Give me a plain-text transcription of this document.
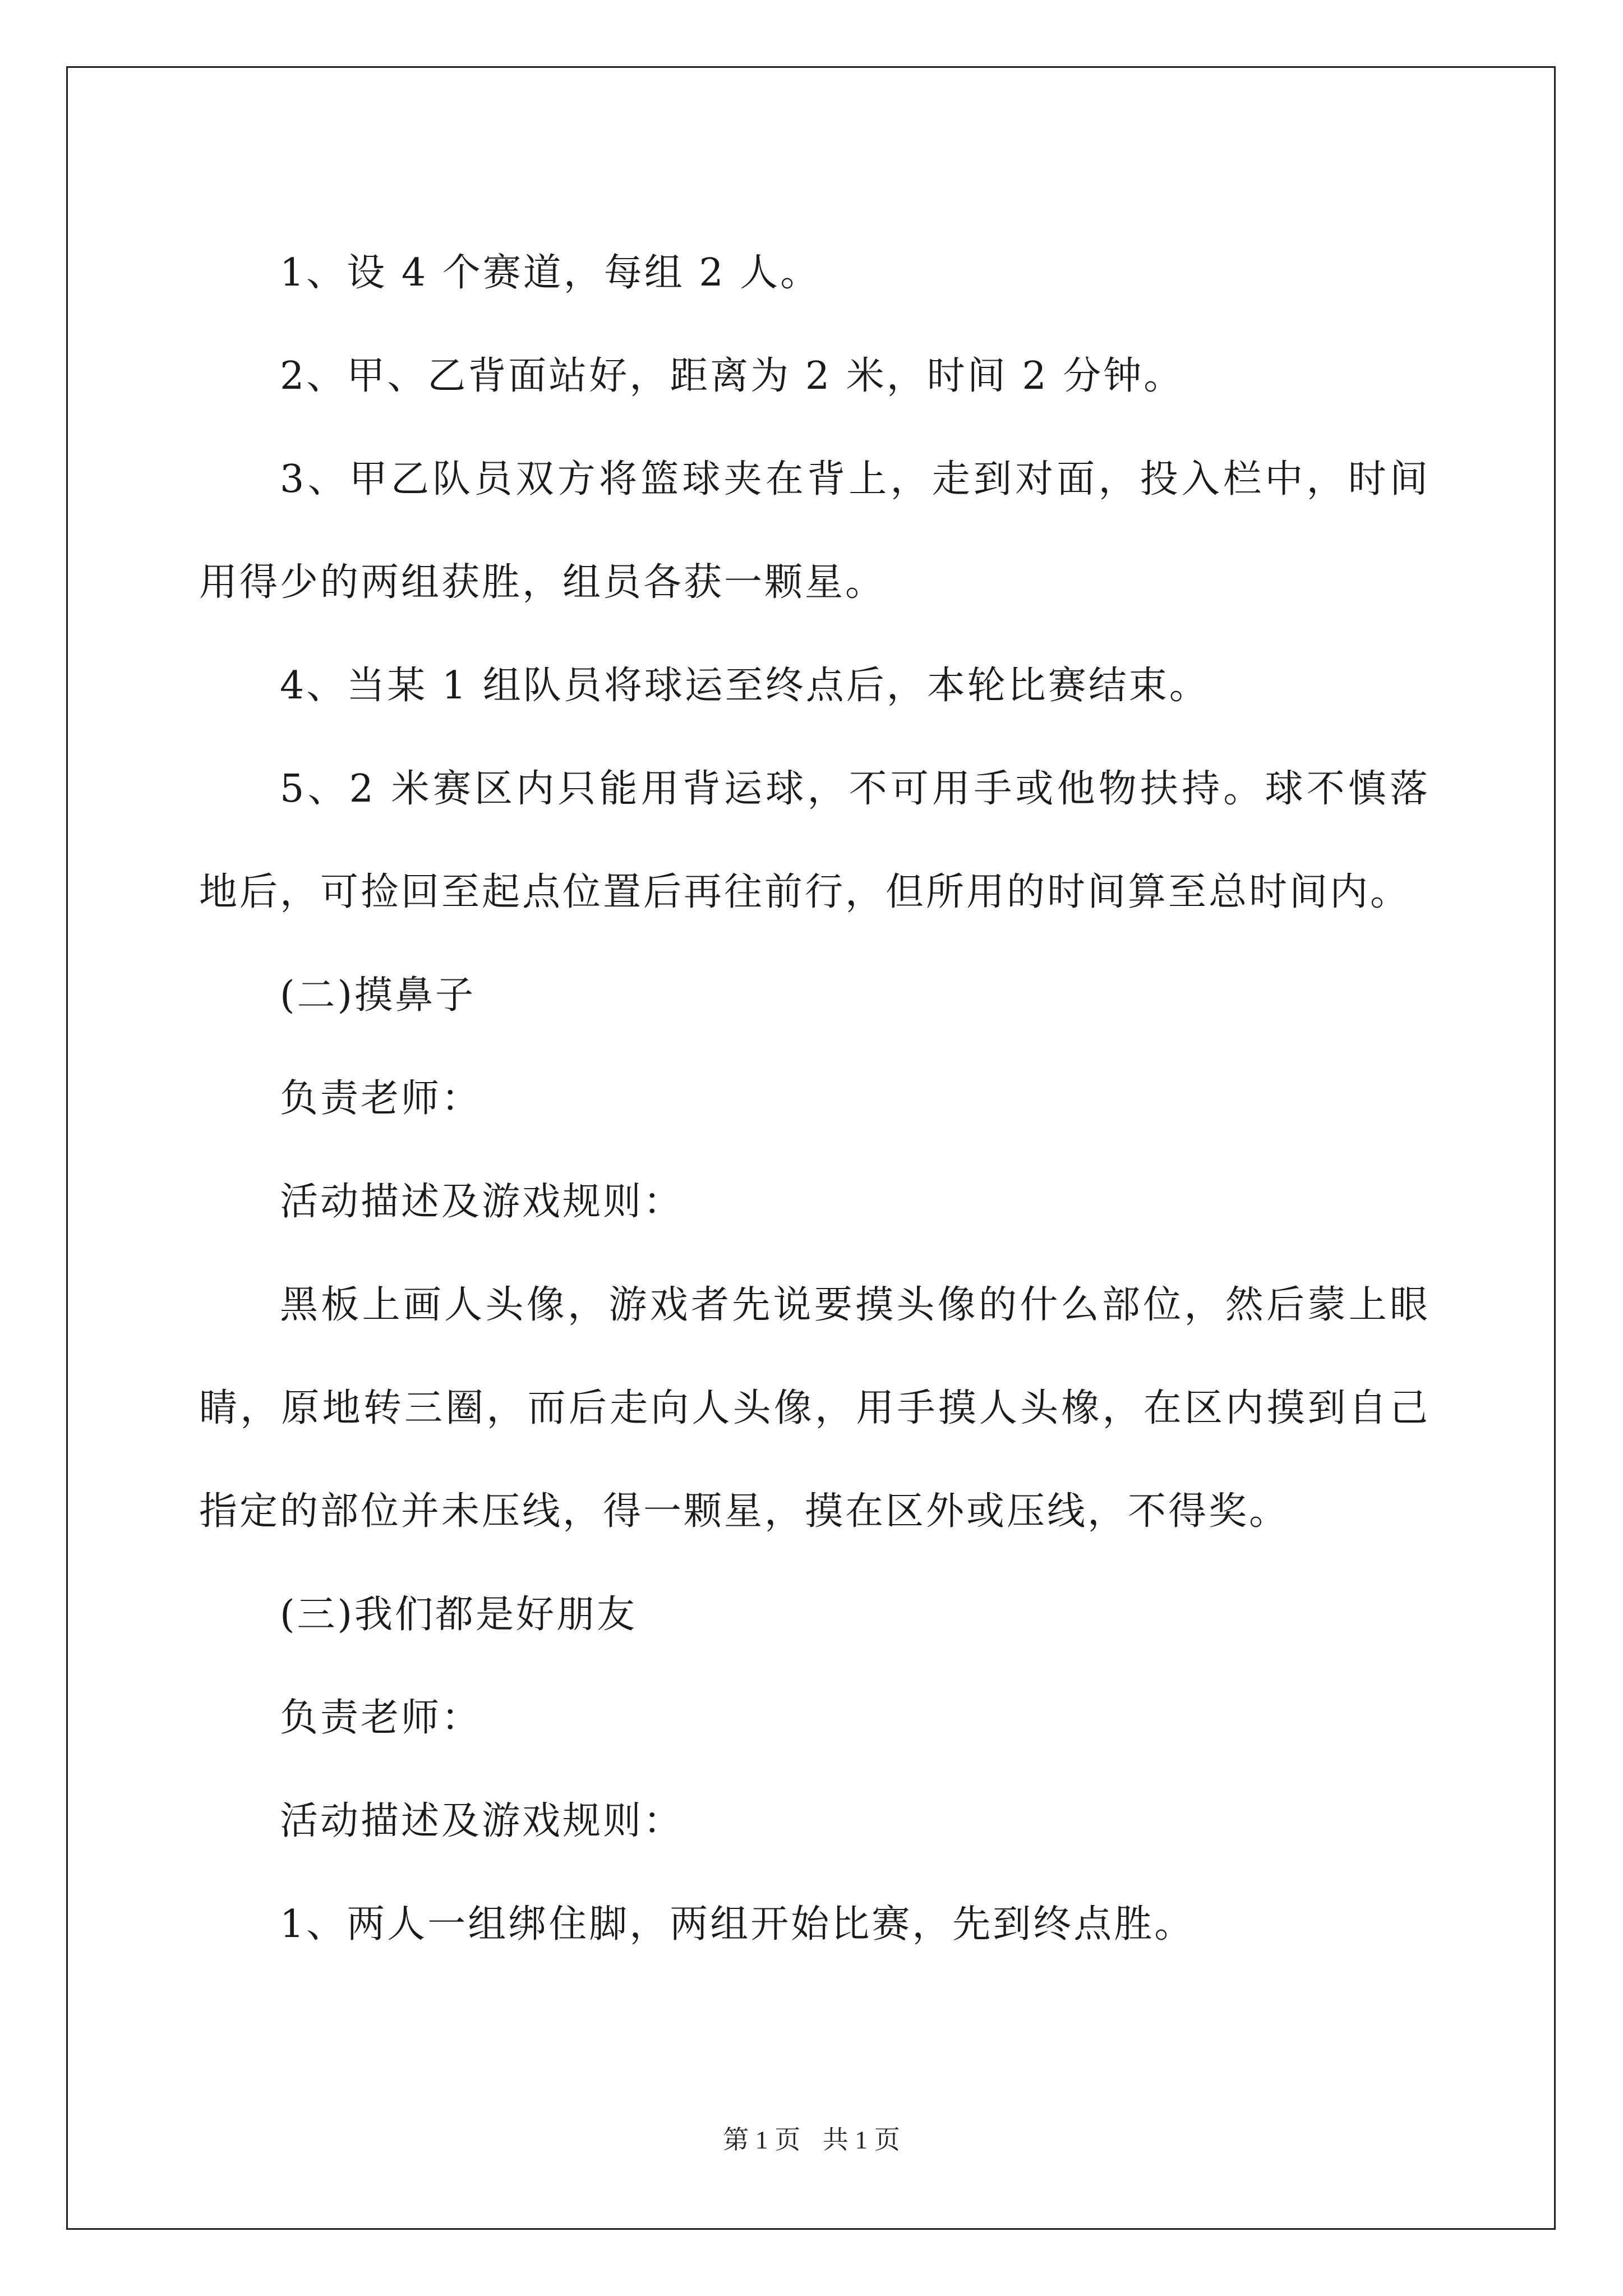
1、设 4 个赛道，每组 2 人。

2、甲、乙背面站好，距离为 2 米，时间 2 分钟。

3、甲乙队员双方将篮球夹在背上，走到对面，投入栏中，时间用得少的两组获胜，组员各获一颗星。

4、当某 1 组队员将球运至终点后，本轮比赛结束。

5、2 米赛区内只能用背运球，不可用手或他物扶持。球不慎落地后，可捡回至起点位置后再往前行，但所用的时间算至总时间内。

(二)摸鼻子

负责老师：

活动描述及游戏规则：

黑板上画人头像，游戏者先说要摸头像的什么部位，然后蒙上眼睛，原地转三圈，而后走向人头像，用手摸人头橡，在区内摸到自己指定的部位并未压线，得一颗星，摸在区外或压线，不得奖。

(三)我们都是好朋友

负责老师：

活动描述及游戏规则：

1、两人一组绑住脚，两组开始比赛，先到终点胜。

第 1 页 共 1 页
